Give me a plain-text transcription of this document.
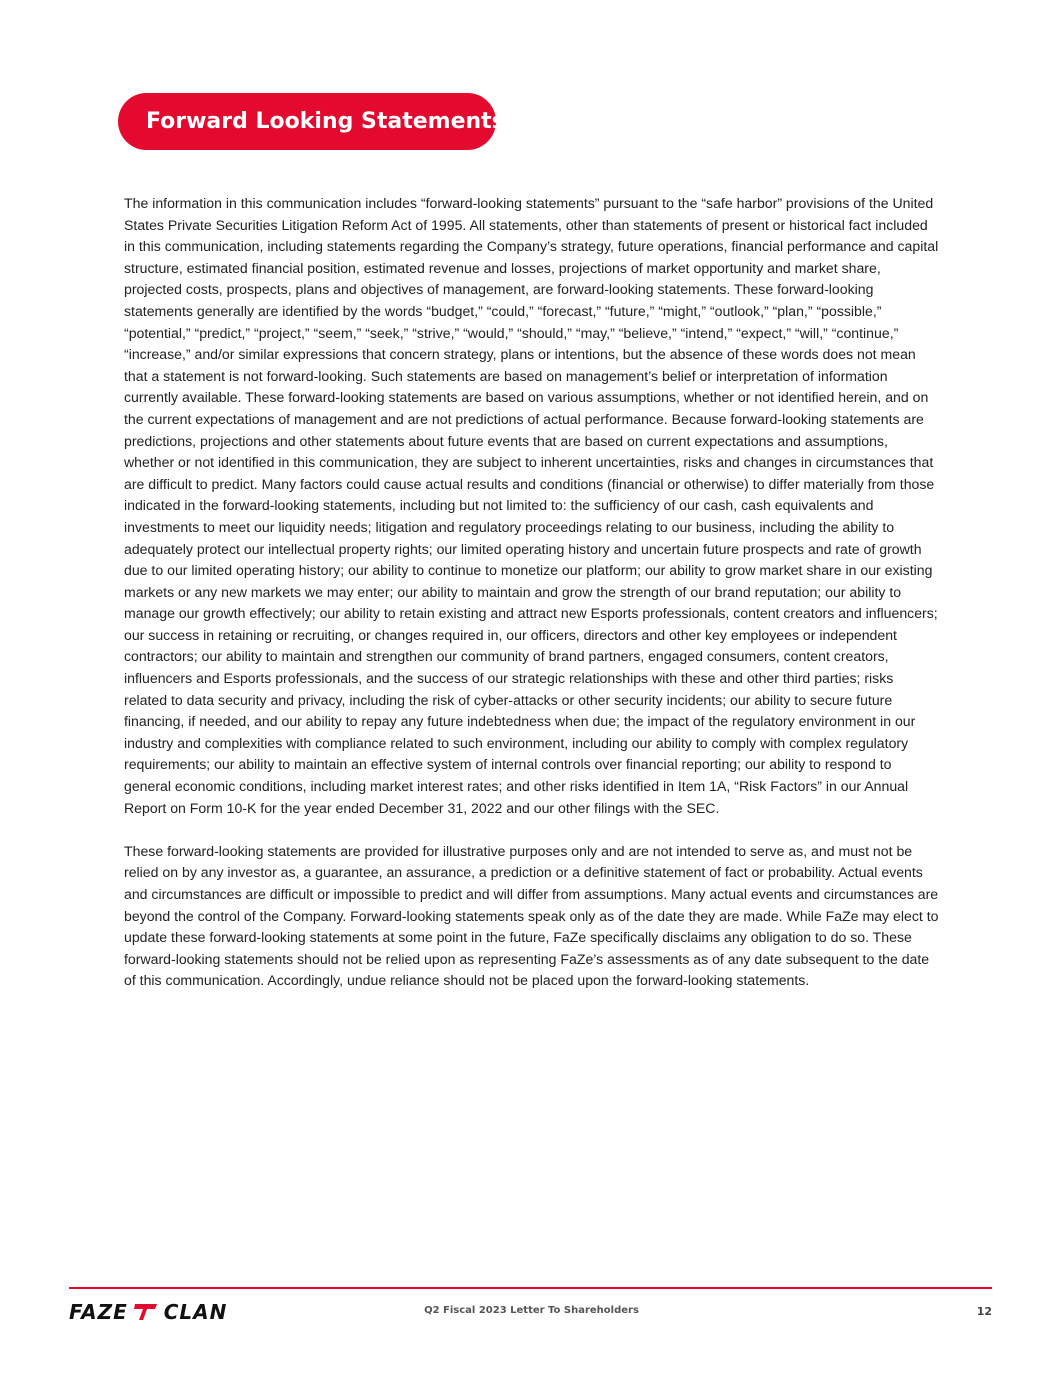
Forward Looking Statements

The information in this communication includes “forward-looking statements” pursuant to the “safe harbor” provisions of the United States Private Securities Litigation Reform Act of 1995. All statements, other than statements of present or historical fact included in this communication, including statements regarding the Company’s strategy, future operations, financial performance and capital structure, estimated financial position, estimated revenue and losses, projections of market opportunity and market share, projected costs, prospects, plans and objectives of management, are forward-looking statements. These forward-looking statements generally are identified by the words “budget,” “could,” “forecast,” “future,” “might,” “outlook,” “plan,” “possible,” “potential,” “predict,” “project,” “seem,” “seek,” “strive,” “would,” “should,” “may,” “believe,” “intend,” “expect,” “will,” “continue,” “increase,” and/or similar expressions that concern strategy, plans or intentions, but the absence of these words does not mean that a statement is not forward-looking. Such statements are based on management’s belief or interpretation of information currently available. These forward-looking statements are based on various assumptions, whether or not identified herein, and on the current expectations of management and are not predictions of actual performance. Because forward-looking statements are predictions, projections and other statements about future events that are based on current expectations and assumptions, whether or not identified in this communication, they are subject to inherent uncertainties, risks and changes in circumstances that are difficult to predict. Many factors could cause actual results and conditions (financial or otherwise) to differ materially from those indicated in the forward-looking statements, including but not limited to: the sufficiency of our cash, cash equivalents and investments to meet our liquidity needs; litigation and regulatory proceedings relating to our business, including the ability to adequately protect our intellectual property rights; our limited operating history and uncertain future prospects and rate of growth due to our limited operating history; our ability to continue to monetize our platform; our ability to grow market share in our existing markets or any new markets we may enter; our ability to maintain and grow the strength of our brand reputation; our ability to manage our growth effectively; our ability to retain existing and attract new Esports professionals, content creators and influencers; our success in retaining or recruiting, or changes required in, our officers, directors and other key employees or independent contractors; our ability to maintain and strengthen our community of brand partners, engaged consumers, content creators, influencers and Esports professionals, and the success of our strategic relationships with these and other third parties; risks related to data security and privacy, including the risk of cyber-attacks or other security incidents; our ability to secure future financing, if needed, and our ability to repay any future indebtedness when due; the impact of the regulatory environment in our industry and complexities with compliance related to such environment, including our ability to comply with complex regulatory requirements; our ability to maintain an effective system of internal controls over financial reporting; our ability to respond to general economic conditions, including market interest rates; and other risks identified in Item 1A, “Risk Factors” in our Annual Report on Form 10-K for the year ended December 31, 2022 and our other filings with the SEC.

These forward-looking statements are provided for illustrative purposes only and are not intended to serve as, and must not be relied on by any investor as, a guarantee, an assurance, a prediction or a definitive statement of fact or probability. Actual events and circumstances are difficult or impossible to predict and will differ from assumptions. Many actual events and circumstances are beyond the control of the Company. Forward-looking statements speak only as of the date they are made. While FaZe may elect to update these forward-looking statements at some point in the future, FaZe specifically disclaims any obligation to do so. These forward-looking statements should not be relied upon as representing FaZe’s assessments as of any date subsequent to the date of this communication. Accordingly, undue reliance should not be placed upon the forward-looking statements.

FAZE CLAN	Q2 Fiscal 2023 Letter To Shareholders	12
